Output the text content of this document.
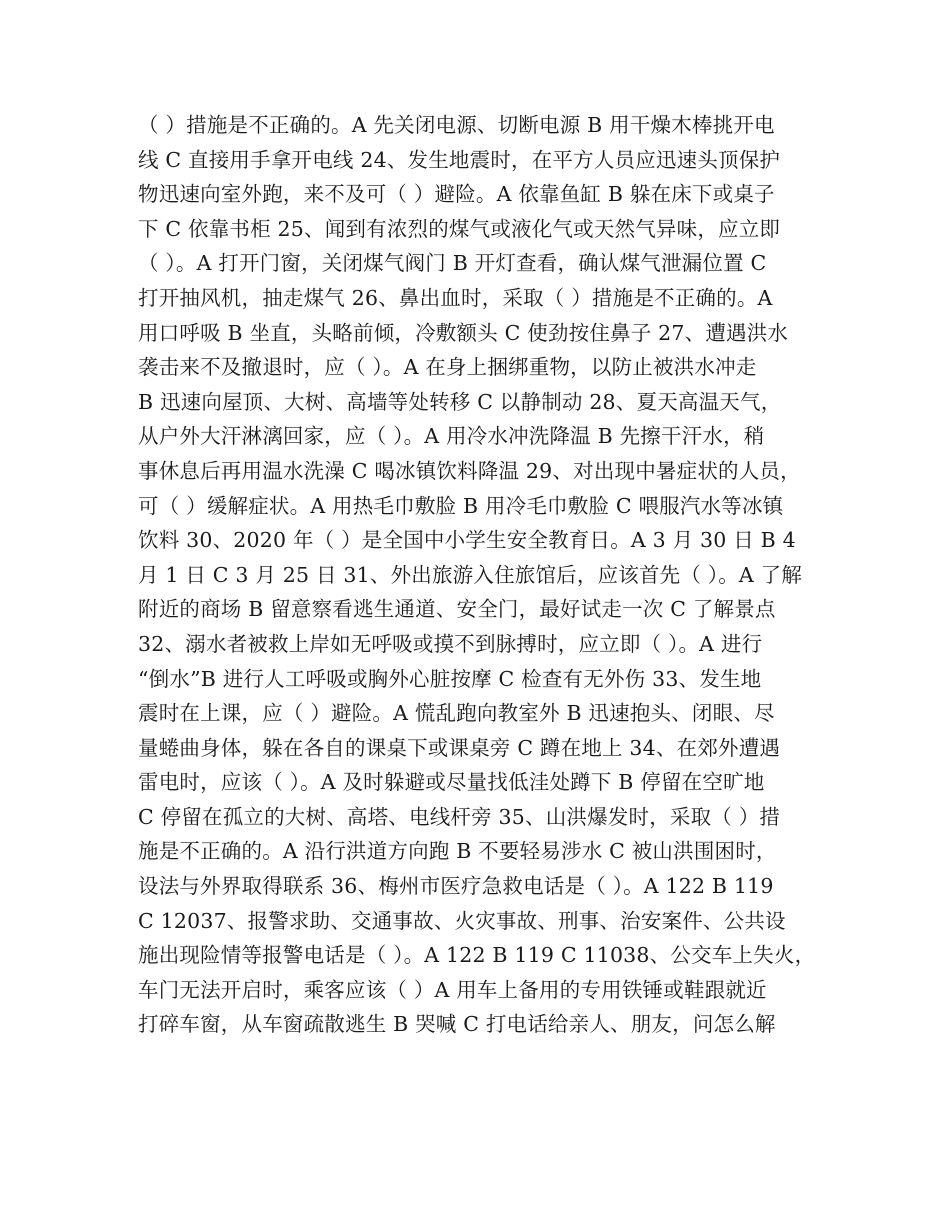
（ ）措施是不正确的。A 先关闭电源、切断电源 B 用干燥木棒挑开电
线 C 直接用手拿开电线 24、发生地震时，在平方人员应迅速头顶保护
物迅速向室外跑，来不及可（ ）避险。A 依靠鱼缸 B 躲在床下或桌子
下 C 依靠书柜 25、闻到有浓烈的煤气或液化气或天然气异味，应立即
（ ）。A 打开门窗，关闭煤气阀门 B 开灯查看，确认煤气泄漏位置 C
打开抽风机，抽走煤气 26、鼻出血时，采取（ ）措施是不正确的。A
用口呼吸 B 坐直，头略前倾，冷敷额头 C 使劲按住鼻子 27、遭遇洪水
袭击来不及撤退时，应（ ）。A 在身上捆绑重物，以防止被洪水冲走
B 迅速向屋顶、大树、高墙等处转移 C 以静制动 28、夏天高温天气，
从户外大汗淋漓回家，应（ ）。A 用冷水冲洗降温 B 先擦干汗水，稍
事休息后再用温水洗澡 C 喝冰镇饮料降温 29、对出现中暑症状的人员，
可（ ）缓解症状。A 用热毛巾敷脸 B 用冷毛巾敷脸 C 喂服汽水等冰镇
饮料 30、2020 年（ ）是全国中小学生安全教育日。A 3 月 30 日 B 4
月 1 日 C 3 月 25 日 31、外出旅游入住旅馆后，应该首先（ ）。A 了解
附近的商场 B 留意察看逃生通道、安全门，最好试走一次 C 了解景点
32、溺水者被救上岸如无呼吸或摸不到脉搏时，应立即（ ）。A 进行
“倒水”B 进行人工呼吸或胸外心脏按摩 C 检查有无外伤 33、发生地
震时在上课，应（ ）避险。A 慌乱跑向教室外 B 迅速抱头、闭眼、尽
量蜷曲身体，躲在各自的课桌下或课桌旁 C 蹲在地上 34、在郊外遭遇
雷电时，应该（ ）。A 及时躲避或尽量找低洼处蹲下 B 停留在空旷地
C 停留在孤立的大树、高塔、电线杆旁 35、山洪爆发时，采取（ ）措
施是不正确的。A 沿行洪道方向跑 B 不要轻易涉水 C 被山洪围困时，
设法与外界取得联系 36、梅州市医疗急救电话是（ ）。A 122 B 119
C 12037、报警求助、交通事故、火灾事故、刑事、治安案件、公共设
施出现险情等报警电话是（ ）。A 122 B 119 C 11038、公交车上失火，
车门无法开启时，乘客应该（ ）A 用车上备用的专用铁锤或鞋跟就近
打碎车窗，从车窗疏散逃生 B 哭喊 C 打电话给亲人、朋友，问怎么解
